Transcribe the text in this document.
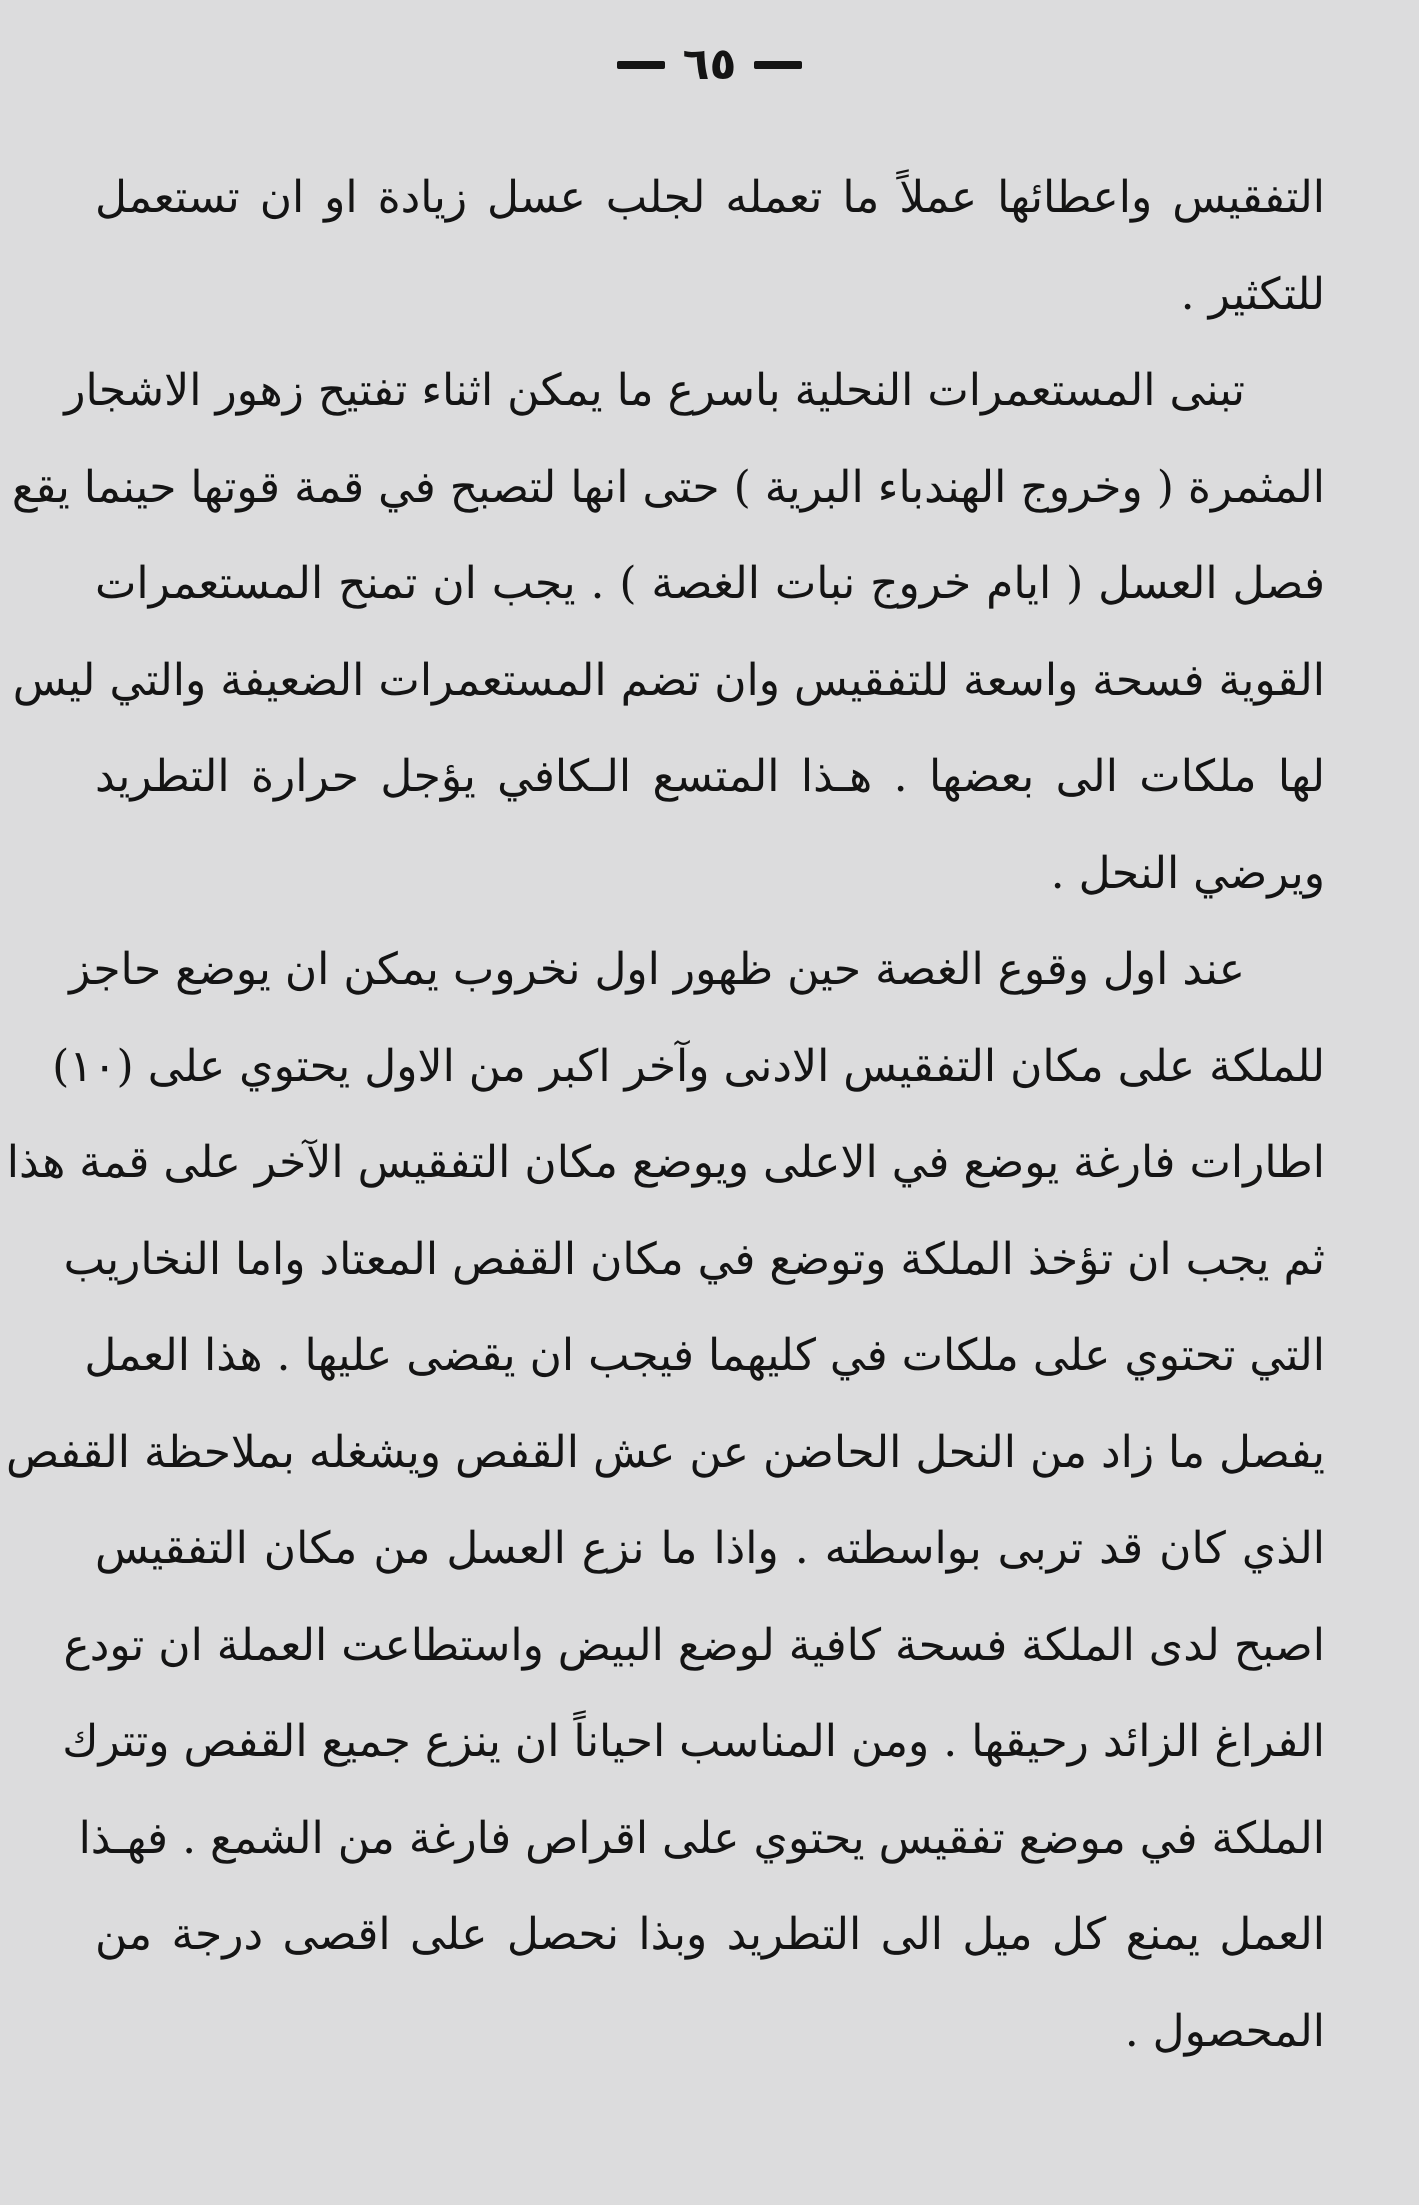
٦٥
التفقيس واعطائها عملاً ما تعمله لجلب عسل زيادة او ان تستعمل
للتكثير .
تبنى المستعمرات النحلية باسرع ما يمكن اثناء تفتيح زهور الاشجار
المثمرة ( وخروج الهندباء البرية ) حتى انها لتصبح في قمة قوتها حينما يقع
فصل العسل ( ايام خروج نبات الغصة ) . يجب ان تمنح المستعمرات
القوية فسحة واسعة للتفقيس وان تضم المستعمرات الضعيفة والتي ليس
لها ملكات الى بعضها . هـذا المتسع الـكافي يؤجل حرارة التطريد
ويرضي النحل .
عند اول وقوع الغصة حين ظهور اول نخروب يمكن ان يوضع حاجز
للملكة على مكان التفقيس الادنى وآخر اكبر من الاول يحتوي على (١٠)
اطارات فارغة يوضع في الاعلى ويوضع مكان التفقيس الآخر على قمة هذا
ثم يجب ان تؤخذ الملكة وتوضع في مكان القفص المعتاد واما النخاريب
التي تحتوي على ملكات في كليهما فيجب ان يقضى عليها . هذا العمل
يفصل ما زاد من النحل الحاضن عن عش القفص ويشغله بملاحظة القفص
الذي كان قد تربى بواسطته . واذا ما نزع العسل من مكان التفقيس
اصبح لدى الملكة فسحة كافية لوضع البيض واستطاعت العملة ان تودع
الفراغ الزائد رحيقها . ومن المناسب احياناً ان ينزع جميع القفص وتترك
الملكة في موضع تفقيس يحتوي على اقراص فارغة من الشمع . فهـذا
العمل يمنع كل ميل الى التطريد وبذا نحصل على اقصى درجة من
المحصول .
